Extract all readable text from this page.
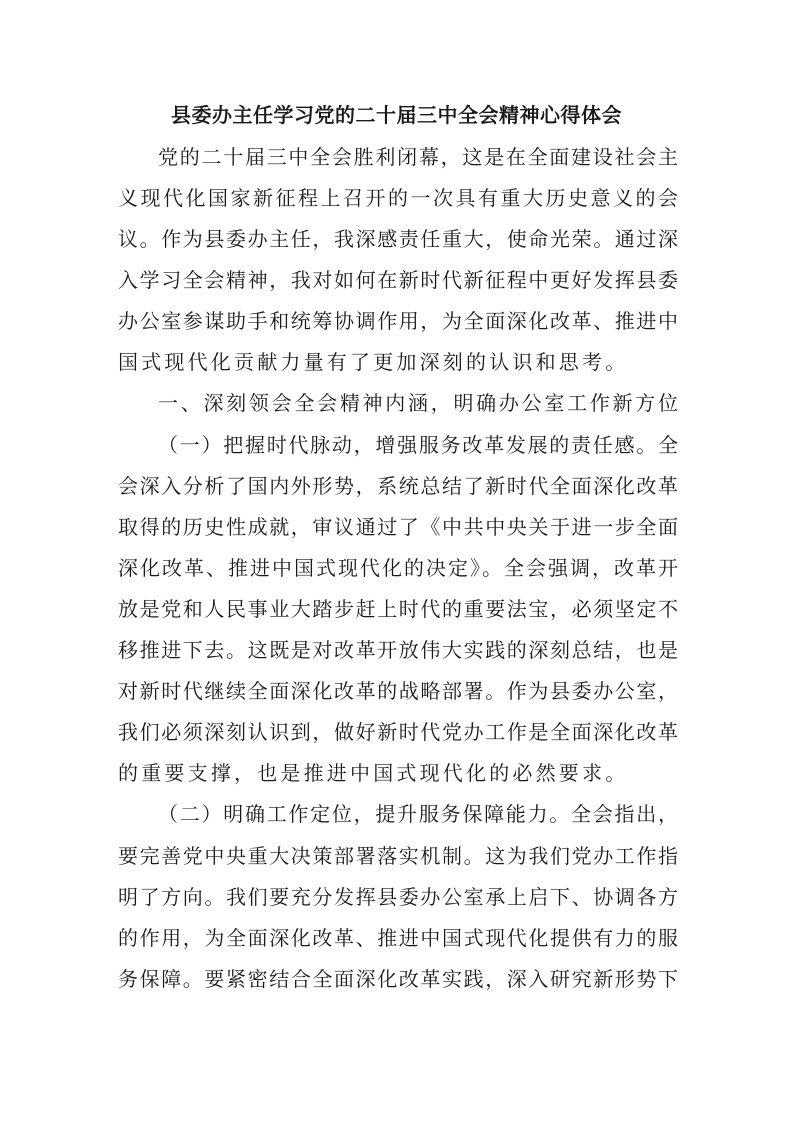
县委办主任学习党的二十届三中全会精神心得体会
党的二十届三中全会胜利闭幕，这是在全面建设社会主
义现代化国家新征程上召开的一次具有重大历史意义的会
议。作为县委办主任，我深感责任重大，使命光荣。通过深
入学习全会精神，我对如何在新时代新征程中更好发挥县委
办公室参谋助手和统筹协调作用，为全面深化改革、推进中
国式现代化贡献力量有了更加深刻的认识和思考。
一、深刻领会全会精神内涵，明确办公室工作新方位
（一）把握时代脉动，增强服务改革发展的责任感。全
会深入分析了国内外形势，系统总结了新时代全面深化改革
取得的历史性成就，审议通过了《中共中央关于进一步全面
深化改革、推进中国式现代化的决定》。全会强调，改革开
放是党和人民事业大踏步赶上时代的重要法宝，必须坚定不
移推进下去。这既是对改革开放伟大实践的深刻总结，也是
对新时代继续全面深化改革的战略部署。作为县委办公室，
我们必须深刻认识到，做好新时代党办工作是全面深化改革
的重要支撑，也是推进中国式现代化的必然要求。
（二）明确工作定位，提升服务保障能力。全会指出，
要完善党中央重大决策部署落实机制。这为我们党办工作指
明了方向。我们要充分发挥县委办公室承上启下、协调各方
的作用，为全面深化改革、推进中国式现代化提供有力的服
务保障。要紧密结合全面深化改革实践，深入研究新形势下
